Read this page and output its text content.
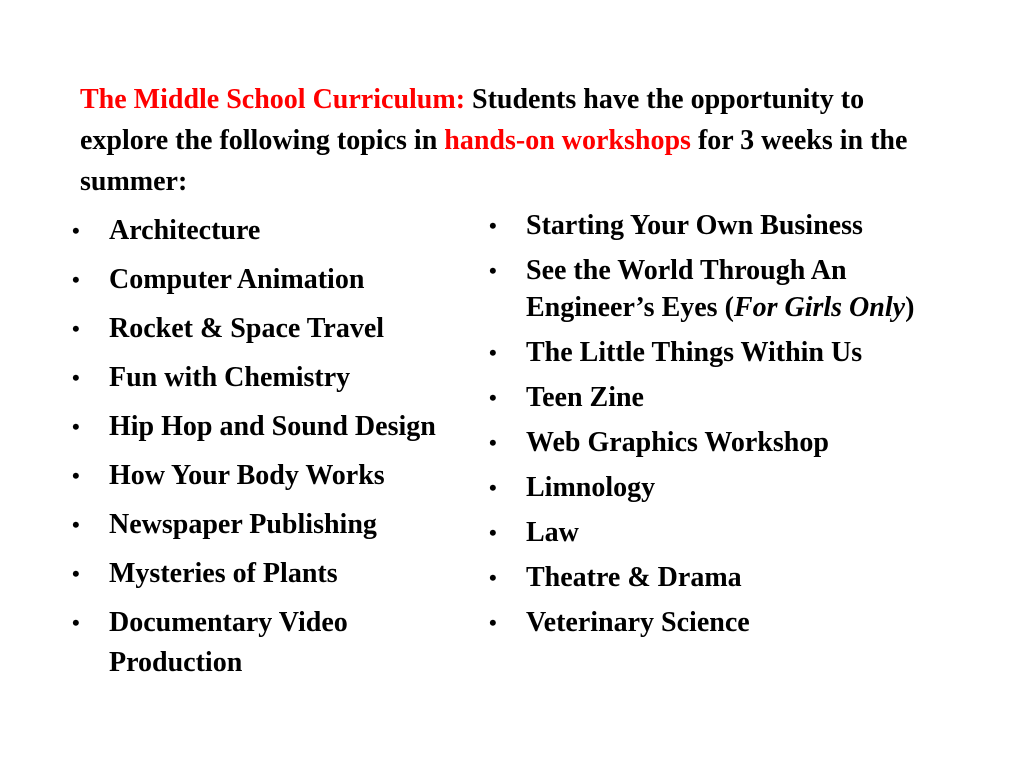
The Middle School Curriculum: Students have the opportunity to explore the following topics in hands-on workshops for 3 weeks in the summer:

• Architecture
• Computer Animation
• Rocket & Space Travel
• Fun with Chemistry
• Hip Hop and Sound Design
• How Your Body Works
• Newspaper Publishing
• Mysteries of Plants
• Documentary Video Production
• Starting Your Own Business
• See the World Through An Engineer’s Eyes (For Girls Only)
• The Little Things Within Us
• Teen Zine
• Web Graphics Workshop
• Limnology
• Law
• Theatre & Drama
• Veterinary Science
